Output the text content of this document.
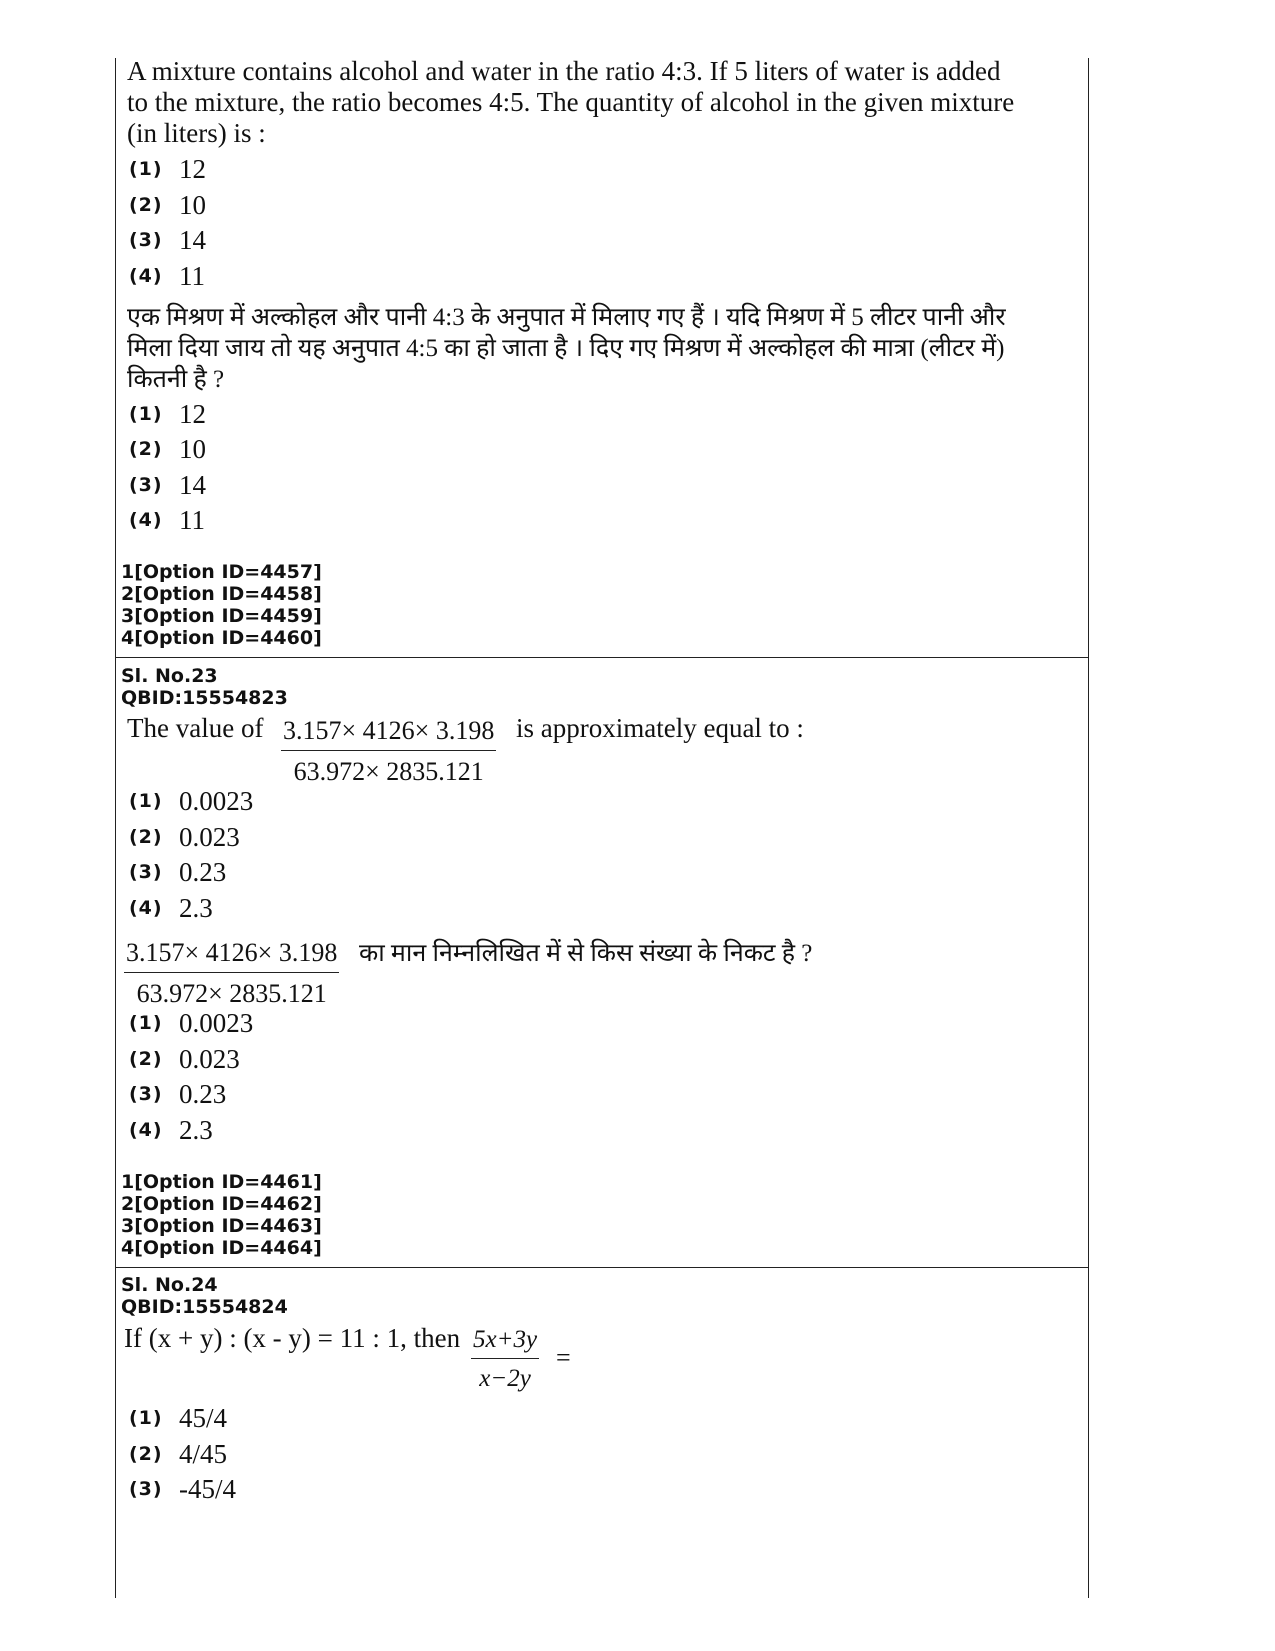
A mixture contains alcohol and water in the ratio 4:3. If 5 liters of water is added to the mixture, the ratio becomes 4:5. The quantity of alcohol in the given mixture (in liters) is :
(1) 12
(2) 10
(3) 14
(4) 11
एक मिश्रण में अल्कोहल और पानी 4:3 के अनुपात में मिलाए गए हैं । यदि मिश्रण में 5 लीटर पानी और मिला दिया जाय तो यह अनुपात 4:5 का हो जाता है । दिए गए मिश्रण में अल्कोहल की मात्रा (लीटर में) कितनी है ?
(1) 12
(2) 10
(3) 14
(4) 11
1[Option ID=4457]
2[Option ID=4458]
3[Option ID=4459]
4[Option ID=4460]
Sl. No.23
QBID:15554823
The value of $\frac{3.157\times 4126\times 3.198}{63.972\times 2835.121}$ is approximately equal to :
(1) 0.0023
(2) 0.023
(3) 0.23
(4) 2.3
$\frac{3.157\times 4126\times 3.198}{63.972\times 2835.121}$ का मान निम्नलिखित में से किस संख्या के निकट है ?
(1) 0.0023
(2) 0.023
(3) 0.23
(4) 2.3
1[Option ID=4461]
2[Option ID=4462]
3[Option ID=4463]
4[Option ID=4464]
Sl. No.24
QBID:15554824
If (x + y) : (x - y) = 11 : 1, then $\frac{5x+3y}{x-2y}$ =
(1) 45/4
(2) 4/45
(3) -45/4
